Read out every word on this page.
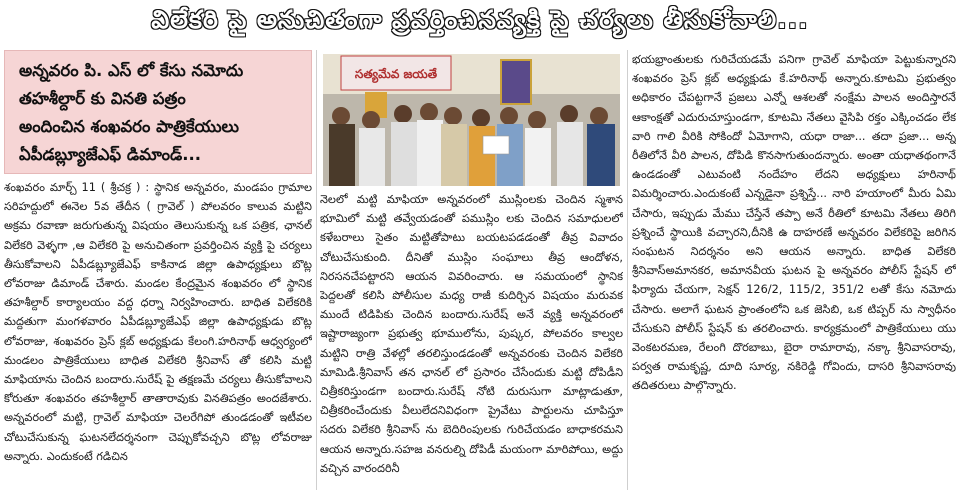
విలేకరి పై అనుచితంగా ప్రవర్తించినవ్యక్తి పై చర్యలు తీసుకోవాలి...
అన్నవరం పి. ఎస్ లో కేసు నమోదు
తహశీల్దార్ కు వినతి పత్రం
అందించిన శంఖవరం పాత్రికేయులు
ఏపీడబ్ల్యూజేఎఫ్ డిమాండ్...

శంఖవరం మార్చ్ 11 ( శ్రీచక్ర ) : స్థానిక అన్నవరం, మండపం గ్రామాల సరిహద్దులో ఈనెల 5వ తేదీన ( గ్రావెల్ ) పోలవరం కాలువ మట్టిని అక్రమ రవాణా జరుగుతున్న విషయం తెలుసుకున్న ఒక పత్రిక, ఛానల్ విలేకరి వెళ్ళగా ,ఆ విలేకరి పై అనుచితంగా ప్రవర్తించిన వ్యక్తి పై చర్యలు తీసుకోవాలని ఏపీడబ్ల్యూజేఎఫ్ కాకినాడ జిల్లా ఉపాధ్యక్షులు బొట్ల లోవరాజు డిమాండ్ చేశారు. మండల కేంద్రమైన శంఖవరం లో స్థానిక తహశీల్దార్ కార్యాలయం వద్ద ధర్నా నిర్వహించారు. బాధిత విలేకరికి మద్దతుగా మంగళవారం ఏపీడబ్ల్యూజేఎఫ్ జిల్లా ఉపాధ్యక్షుడు బొట్ల లోవరాజు, శంఖవరం ప్రెస్ క్లబ్ అధ్యక్షుడు కేలంగి.హరినాథ్ ఆధ్వర్యంలో మండలం పాత్రికేయులు బాధిత విలేకరి శ్రీనివాస్ తో కలిసి మట్టి మాఫియాను చెందిన బందారు.సురేష్ పై తక్షణమే చర్యలు తీసుకోవాలని కోరుతూ శంఖవరం తహశీల్దార్ తాతారావుకు వినతిపత్రం అందజేశారు. అన్నవరంలో మట్టి, గ్రావెల్ మాఫియా చెలరేగిపో తుండడంతో ఇటీవల చోటుచేసుకున్న ఘటనలేదర్శనంగా చెప్పుకోవచ్చని బొట్ల లోవరాజు అన్నారు. ఎందుకంటే గడిచిన

సత్యమేవ జయతే

నెలలో మట్టి మాఫియా అన్నవరంలో ముస్లింలకు చెందిన స్మశాన భూమిలో మట్టి తవ్వేయడంతో పముస్లిం లకు చెందిన సమాధులలో కళేబరాలు సైతం మట్టితోపాటు బయటపడడంతో తీవ్ర వివాదం చోటుచేసుకుంది. దీనితో ముస్లిం సంఘాలు తీవ్ర ఆందోళన, నిరసనచేపట్టారని ఆయన వివరించారు. ఆ సమయంలో స్థానిక పెద్దలతో కలిసి పోలీసుల మధ్య రాజీ కుదిర్చిన విషయం మరువక ముందే టిడిపికు చెందిన బందారు.సురేష్ అనే వ్యక్తి అన్నవరంలో ఇష్టారాజ్యంగా ప్రభుత్వ భూములోను, పుష్కర, పోలవరం కాల్వల మట్టిని రాత్రి వేళల్లో తరలిస్తుండడంతో అన్నవరంకు చెందిన విలేకరి మామిడి.శ్రీనివాస్ తన ఛానల్ లో ప్రసారం చేసేందుకు మట్టి దోపిడీని చిత్రీకరిస్తుండగా బందారు.సురేష్ నోటి దురుసుగా మాట్లాడుతూ, చిత్రీకరించేందుకు వీలులేదనివిధంగా ప్రైవేటు పార్టులను చూపిస్తూ సదరు విలేకరి శ్రీనివాస్ ను బెదిరింపులకు గురిచేయడం బాధాకరమని ఆయన అన్నారు.సహజ వనరుల్ని దోపిడీ మయంగా మారిపోయి, అద్దు వచ్చిన వారందరినీ

భయభ్రాంతులకు గురిచేయడమే పనిగా గ్రావెల్ మాఫియా పెట్టుకున్నారని శంఖవరం ప్రెస్ క్లబ్ అధ్యక్షుడు కే.హరినాథ్ అన్నారు.కూటమి ప్రభుత్వం అధికారం చేపట్టగానే ప్రజలు ఎన్నో ఆశలతో నంక్షేమ పాలన అందిస్తారనే ఆకాంక్షతో ఎదురుచూస్తుండగా, కూటమి నేతలు వైసిపి రక్తం ఎక్కించడం లేక వారి గాలి వీరికి సోకిందో ఏమోగాని, యధా రాజా... తదా ప్రజా... అన్న రీతిలోనే వీరి పాలన, దోపిడి కొనసాగుతుందన్నారు. అంతా యధాతథంగానే ఉండడంతో ఎటువంటి నందేహం లేదని అధ్యక్షులు హరినాథ్ విమర్శించారు.ఎందుకంటే ఎన్నడైనా ప్రశ్నిస్తే... నారి హయాంలో మీరు ఏమి చేసారు, ఇప్పుడు మేము చేస్తేనే తప్పా అనే రీతిలో కూటమి నేతలు తిరిగి ప్రశ్నించే స్థాయికి వచ్చారని,దీనికి ఉ దాహరణే అన్నవరం విలేకరిపై జరిగిన సంఘటన నిదర్శనం అని ఆయన అన్నారు. బాధిత విలేకరి శ్రీనివాస్అమానకర, అమానవీయ ఘటన పై అన్నవరం పోలీస్ స్టేషన్ లో ఫిర్యాదు చేయగా, సెక్షన్ 126/2, 115/2, 351/2 లతో కేసు నమోదు చేసారు. అలాగే ఘటన ప్రాంతంలోని ఒక జెసిబి, ఒక టిప్పర్ ను స్వాధీనం చేసుకుని పోలీస్ స్టేషన్ కు తరలించారు. కార్యక్రమంలో పాత్రికేయులు యు వెంకటరమణ, రేలంగి దొరబాబు, బైరా రామారావు, నక్కా శ్రీనివాసరావు, పర్వత రామకృష్ణ, దూది సూర్య, నకిరెడ్డి గోవిందు, దాసరి శ్రీనివాసరావు తదితరులు పాల్గొన్నారు.
